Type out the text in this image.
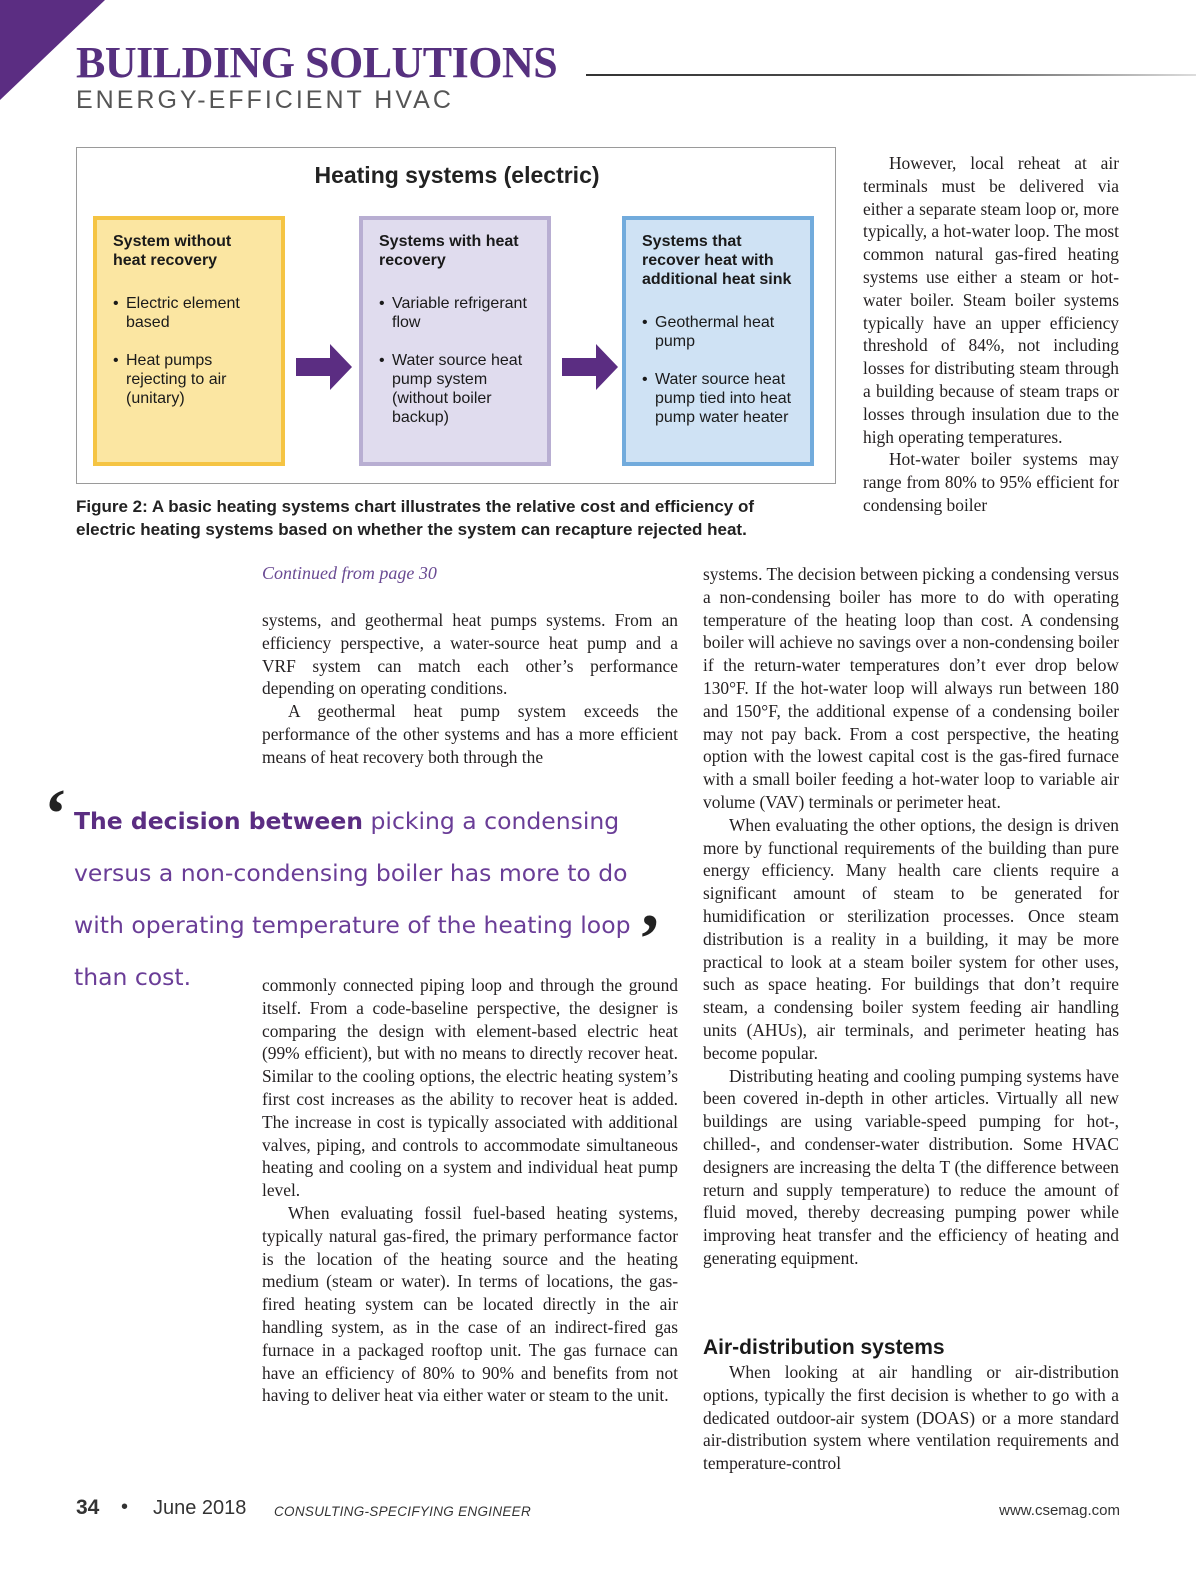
BUILDING SOLUTIONS
ENERGY-EFFICIENT HVAC
Heating systems (electric)
System without heat recovery
• Electric element based
• Heat pumps rejecting to air (unitary)
Systems with heat recovery
• Variable refrigerant flow
• Water source heat pump system (without boiler backup)
Systems that recover heat with additional heat sink
• Geothermal heat pump
• Water source heat pump tied into heat pump water heater
Figure 2: A basic heating systems chart illustrates the relative cost and efficiency of electric heating systems based on whether the system can recapture rejected heat.

However, local reheat at air terminals must be delivered via either a separate steam loop or, more typically, a hot-water loop. The most common natural gas-fired heating systems use either a steam or hot-water boiler. Steam boiler systems typically have an upper efficiency threshold of 84%, not including losses for distributing steam through a building because of steam traps or losses through insulation due to the high operating temperatures.

Hot-water boiler systems may range from 80% to 95% efficient for condensing boiler

Continued from page 30

systems, and geothermal heat pumps systems. From an efficiency perspective, a water-source heat pump and a VRF system can match each other’s performance depending on operating conditions.

A geothermal heat pump system exceeds the performance of the other systems and has a more efficient means of heat recovery both through the

‘ The decision between picking a condensing versus a non-condensing boiler has more to do with operating temperature of the heating loop than cost.	’

commonly connected piping loop and through the ground itself. From a code-baseline perspective, the designer is comparing the design with element-based electric heat (99% efficient), but with no means to directly recover heat. Similar to the cooling options, the electric heating system’s first cost increases as the ability to recover heat is added. The increase in cost is typically associated with additional valves, piping, and controls to accommodate simultaneous heating and cooling on a system and individual heat pump level.

When evaluating fossil fuel-based heating systems, typically natural gas-fired, the primary performance factor is the location of the heating source and the heating medium (steam or water). In terms of locations, the gas-fired heating system can be located directly in the air handling system, as in the case of an indirect-fired gas furnace in a packaged rooftop unit. The gas furnace can have an efficiency of 80% to 90% and benefits from not having to deliver heat via either water or steam to the unit.

systems. The decision between picking a condensing versus a non-condensing boiler has more to do with operating temperature of the heating loop than cost. A condensing boiler will achieve no savings over a non-condensing boiler if the return-water temperatures don’t ever drop below 130°F. If the hot-water loop will always run between 180 and 150°F, the additional expense of a condensing boiler may not pay back. From a cost perspective, the heating option with the lowest capital cost is the gas-fired furnace with a small boiler feeding a hot-water loop to variable air volume (VAV) terminals or perimeter heat.

When evaluating the other options, the design is driven more by functional requirements of the building than pure energy efficiency. Many health care clients require a significant amount of steam to be generated for humidification or sterilization processes. Once steam distribution is a reality in a building, it may be more practical to look at a steam boiler system for other uses, such as space heating. For buildings that don’t require steam, a condensing boiler system feeding air handling units (AHUs), air terminals, and perimeter heating has become popular.

Distributing heating and cooling pumping systems have been covered in-depth in other articles. Virtually all new buildings are using variable-speed pumping for hot-, chilled-, and condenser-water distribution. Some HVAC designers are increasing the delta T (the difference between return and supply temperature) to reduce the amount of fluid moved, thereby decreasing pumping power while improving heat transfer and the efficiency of heating and generating equipment.

Air-distribution systems

When looking at air handling or air-distribution options, typically the first decision is whether to go with a dedicated outdoor-air system (DOAS) or a more standard air-distribution system where ventilation requirements and temperature-control

34 • June 2018 CONSULTING-SPECIFYING ENGINEER	www.csemag.com
